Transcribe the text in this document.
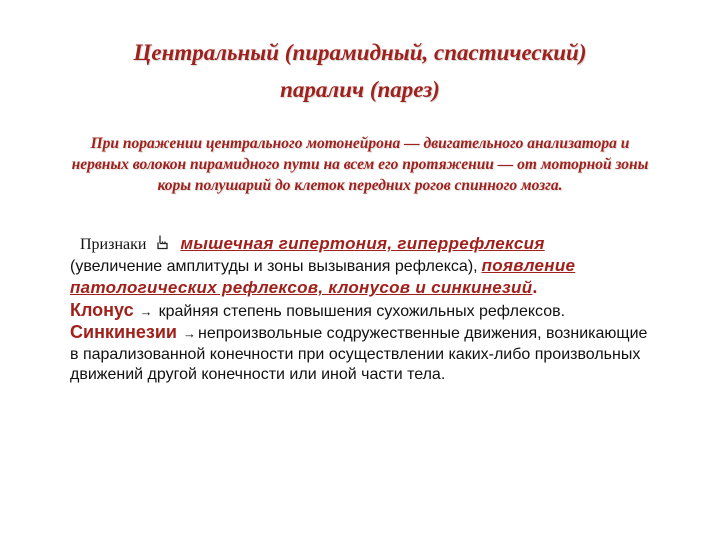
Центральный (пирамидный, спастический)
паралич (парез)
При поражении центрального мотонейрона — двигательного анализатора и нервных волокон пирамидного пути на всем его протяжении — от моторной зоны коры полушарий до клеток передних рогов спинного мозга.
Признаки мышечная гипертония, гиперрефлексия
(увеличение амплитуды и зоны вызывания рефлекса), появление патологических рефлексов, клонусов и синкинезий.
Клонус → крайняя степень повышения сухожильных рефлексов.
Синкинезии → непроизвольные содружественные движения, возникающие в парализованной конечности при осуществлении каких-либо произвольных движений другой конечности или иной части тела.
